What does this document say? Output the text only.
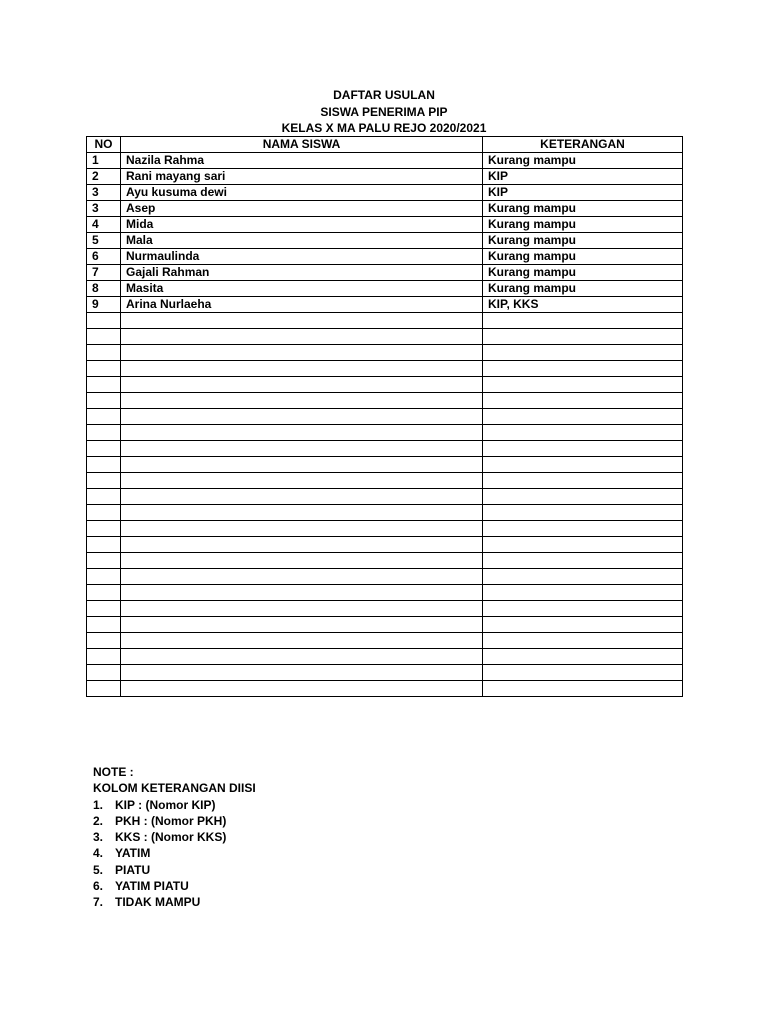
DAFTAR USULAN
SISWA PENERIMA PIP
KELAS X MA PALU REJO 2020/2021
NO	NAMA SISWA	KETERANGAN
1	Nazila Rahma	Kurang mampu
2	Rani mayang sari	KIP
3	Ayu kusuma dewi	KIP
3	Asep	Kurang mampu
4	Mida	Kurang mampu
5	Mala	Kurang mampu
6	Nurmaulinda	Kurang mampu
7	Gajali Rahman	Kurang mampu
8	Masita	Kurang mampu
9	Arina Nurlaeha	KIP, KKS

NOTE :
KOLOM KETERANGAN DIISI
1. KIP : (Nomor KIP)
2. PKH : (Nomor PKH)
3. KKS : (Nomor KKS)
4. YATIM
5. PIATU
6. YATIM PIATU
7. TIDAK MAMPU
